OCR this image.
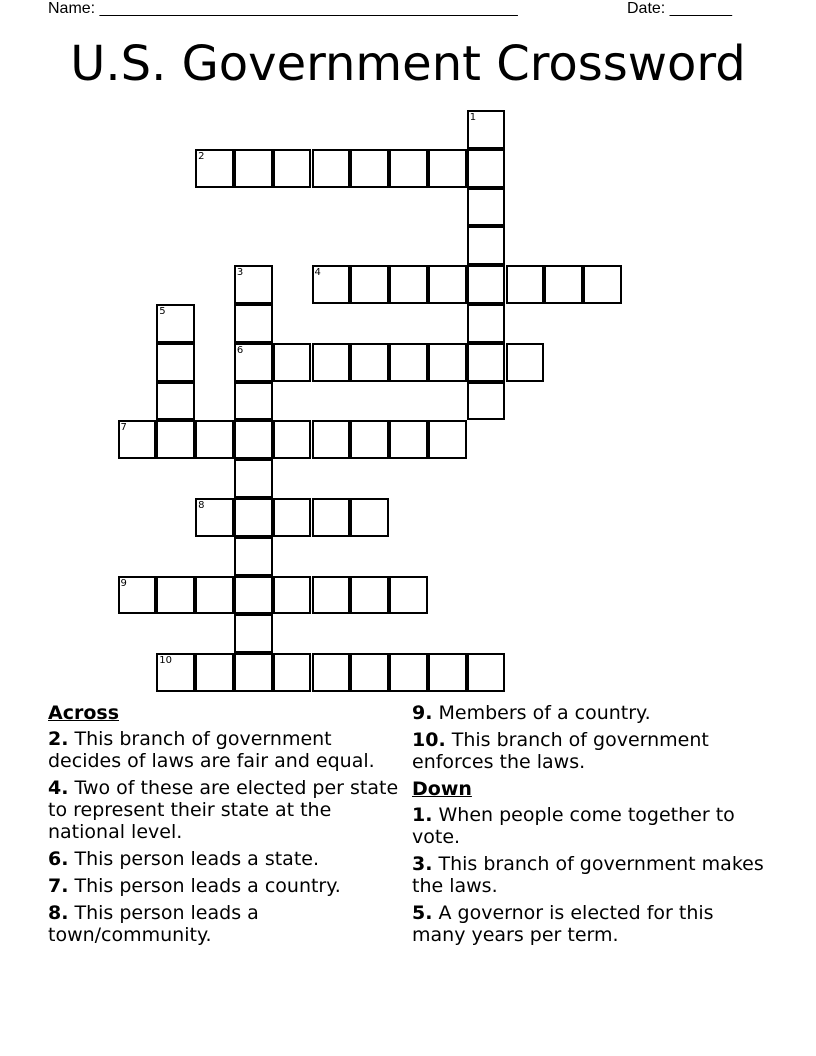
Name: _______________________________________________	Date: _______
U.S. Government Crossword
2
4
6
7
8
9
10
1
3
5
Across
2. This branch of government decides of laws are fair and equal.
4. Two of these are elected per state to represent their state at the national level.
6. This person leads a state.
7. This person leads a country.
8. This person leads a town/community.
9. Members of a country.
10. This branch of government enforces the laws.
Down
1. When people come together to vote.
3. This branch of government makes the laws.
5. A governor is elected for this many years per term.
